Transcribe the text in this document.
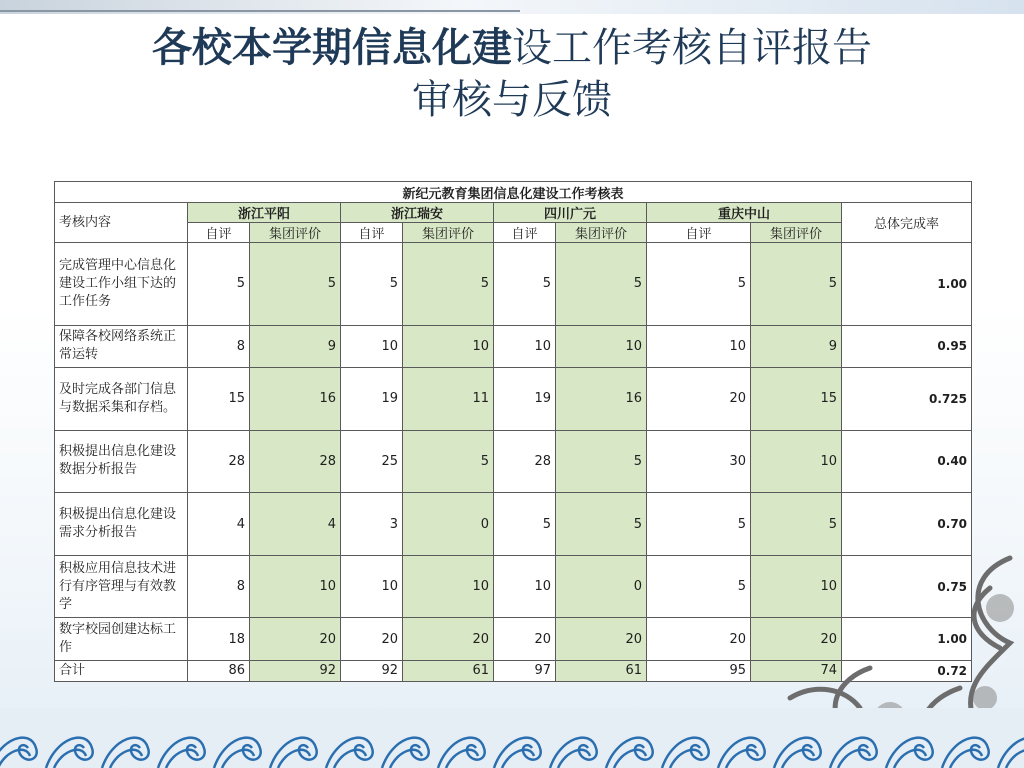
各校本学期信息化建设工作考核自评报告
审核与反馈
新纪元教育集团信息化建设工作考核表									
考核内容	浙江平阳		浙江瑞安		四川广元		重庆中山		总体完成率
	自评	集团评价	自评	集团评价	自评	集团评价	自评	集团评价	
完成管理中心信息化建设工作小组下达的工作任务	5	5	5	5	5	5	5	5	1.00
保障各校网络系统正常运转	8	9	10	10	10	10	10	9	0.95
及时完成各部门信息与数据采集和存档。	15	16	19	11	19	16	20	15	0.725
积极提出信息化建设数据分析报告	28	28	25	5	28	5	30	10	0.40
积极提出信息化建设需求分析报告	4	4	3	0	5	5	5	5	0.70
积极应用信息技术进行有序管理与有效教学	8	10	10	10	10	0	5	10	0.75
数字校园创建达标工作	18	20	20	20	20	20	20	20	1.00
合计	86	92	92	61	97	61	95	74	0.72
